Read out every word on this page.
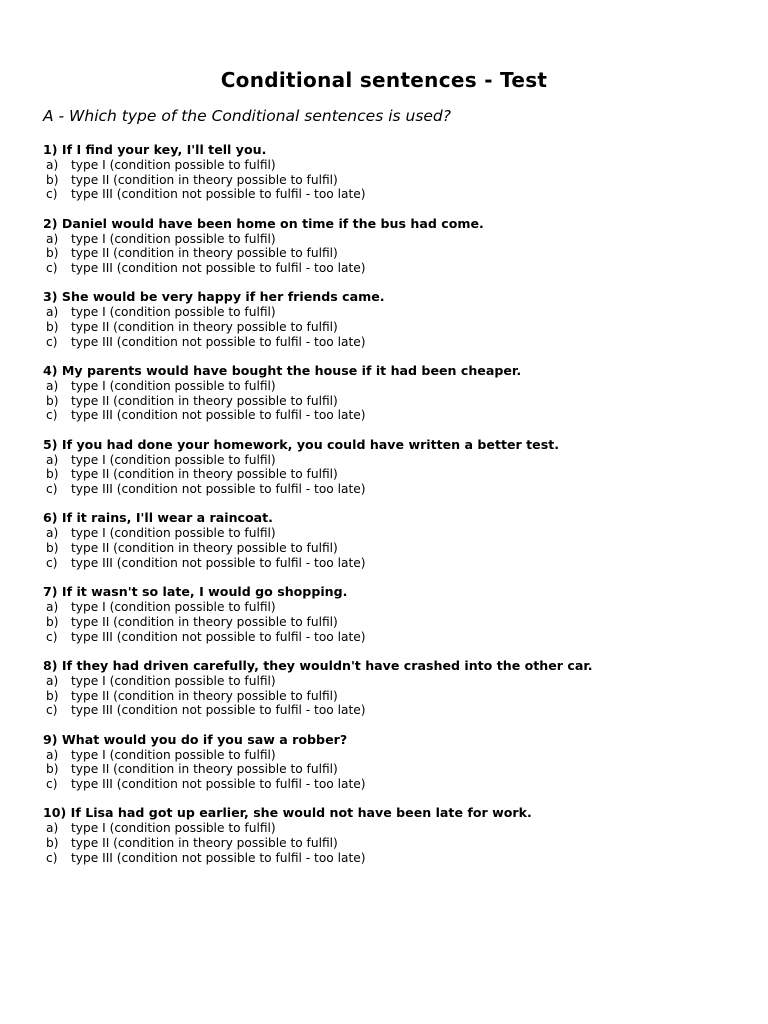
Conditional sentences - Test
A - Which type of the Conditional sentences is used?
1) If I find your key, I'll tell you.
a) type I (condition possible to fulfil)
b) type II (condition in theory possible to fulfil)
c) type III (condition not possible to fulfil - too late)
2) Daniel would have been home on time if the bus had come.
a) type I (condition possible to fulfil)
b) type II (condition in theory possible to fulfil)
c) type III (condition not possible to fulfil - too late)
3) She would be very happy if her friends came.
a) type I (condition possible to fulfil)
b) type II (condition in theory possible to fulfil)
c) type III (condition not possible to fulfil - too late)
4) My parents would have bought the house if it had been cheaper.
a) type I (condition possible to fulfil)
b) type II (condition in theory possible to fulfil)
c) type III (condition not possible to fulfil - too late)
5) If you had done your homework, you could have written a better test.
a) type I (condition possible to fulfil)
b) type II (condition in theory possible to fulfil)
c) type III (condition not possible to fulfil - too late)
6) If it rains, I'll wear a raincoat.
a) type I (condition possible to fulfil)
b) type II (condition in theory possible to fulfil)
c) type III (condition not possible to fulfil - too late)
7) If it wasn't so late, I would go shopping.
a) type I (condition possible to fulfil)
b) type II (condition in theory possible to fulfil)
c) type III (condition not possible to fulfil - too late)
8) If they had driven carefully, they wouldn't have crashed into the other car.
a) type I (condition possible to fulfil)
b) type II (condition in theory possible to fulfil)
c) type III (condition not possible to fulfil - too late)
9) What would you do if you saw a robber?
a) type I (condition possible to fulfil)
b) type II (condition in theory possible to fulfil)
c) type III (condition not possible to fulfil - too late)
10) If Lisa had got up earlier, she would not have been late for work.
a) type I (condition possible to fulfil)
b) type II (condition in theory possible to fulfil)
c) type III (condition not possible to fulfil - too late)
